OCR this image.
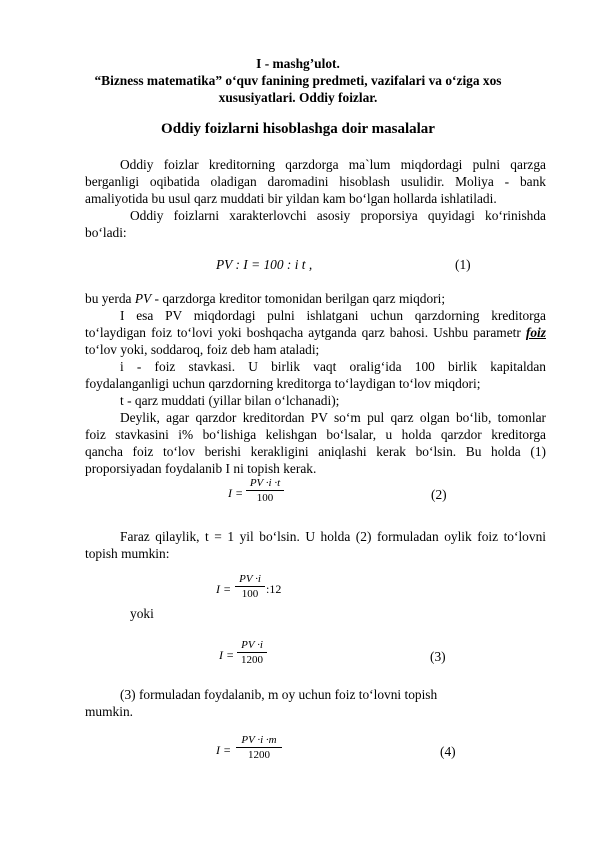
I - mashg’ulot.
“Bizness matematika” o‘quv fanining predmeti, vazifalari va o‘ziga xos
xususiyatlari. Oddiy foizlar.
Oddiy foizlarni hisoblashga doir masalalar
Oddiy foizlar kreditorning qarzdorga ma`lum miqdordagi pulni qarzga
berganligi oqibatida oladigan daromadini hisoblash usulidir. Moliya - bank
amaliyotida bu usul qarz muddati bir yildan kam bo‘lgan hollarda ishlatiladi.
Oddiy foizlarni xarakterlovchi asosiy proporsiya quyidagi ko‘rinishda
bo‘ladi:
PV : I = 100 : i t ,	(1)
bu yerda PV - qarzdorga kreditor tomonidan berilgan qarz miqdori;
I esa PV miqdordagi pulni ishlatgani uchun qarzdorning kreditorga
to‘laydigan foiz to‘lovi yoki boshqacha aytganda qarz bahosi. Ushbu parametr foiz
to‘lov yoki, soddaroq, foiz deb ham ataladi;
i - foiz stavkasi. U birlik vaqt oralig‘ida 100 birlik kapitaldan
foydalanganligi uchun qarzdorning kreditorga to‘laydigan to‘lov miqdori;
t - qarz muddati (yillar bilan o‘lchanadi);
Deylik, agar qarzdor kreditordan PV so‘m pul qarz olgan bo‘lib, tomonlar
foiz stavkasini i% bo‘lishiga kelishgan bo‘lsalar, u holda qarzdor kreditorga
qancha foiz to‘lov berishi kerakligini aniqlashi kerak bo‘lsin. Bu holda (1)
proporsiyadan foydalanib I ni topish kerak.
I =
PV ·i ·t
100	(2)
Faraz qilaylik, t = 1 yil bo‘lsin. U holda (2) formuladan oylik foiz to‘lovni
topish mumkin:
I =
PV ·i
100 :12
yoki
I =
PV ·i
1200	(3)
(3) formuladan foydalanib, m oy uchun foiz to‘lovni topish
mumkin.
I =
PV ·i ·m
1200	(4)
